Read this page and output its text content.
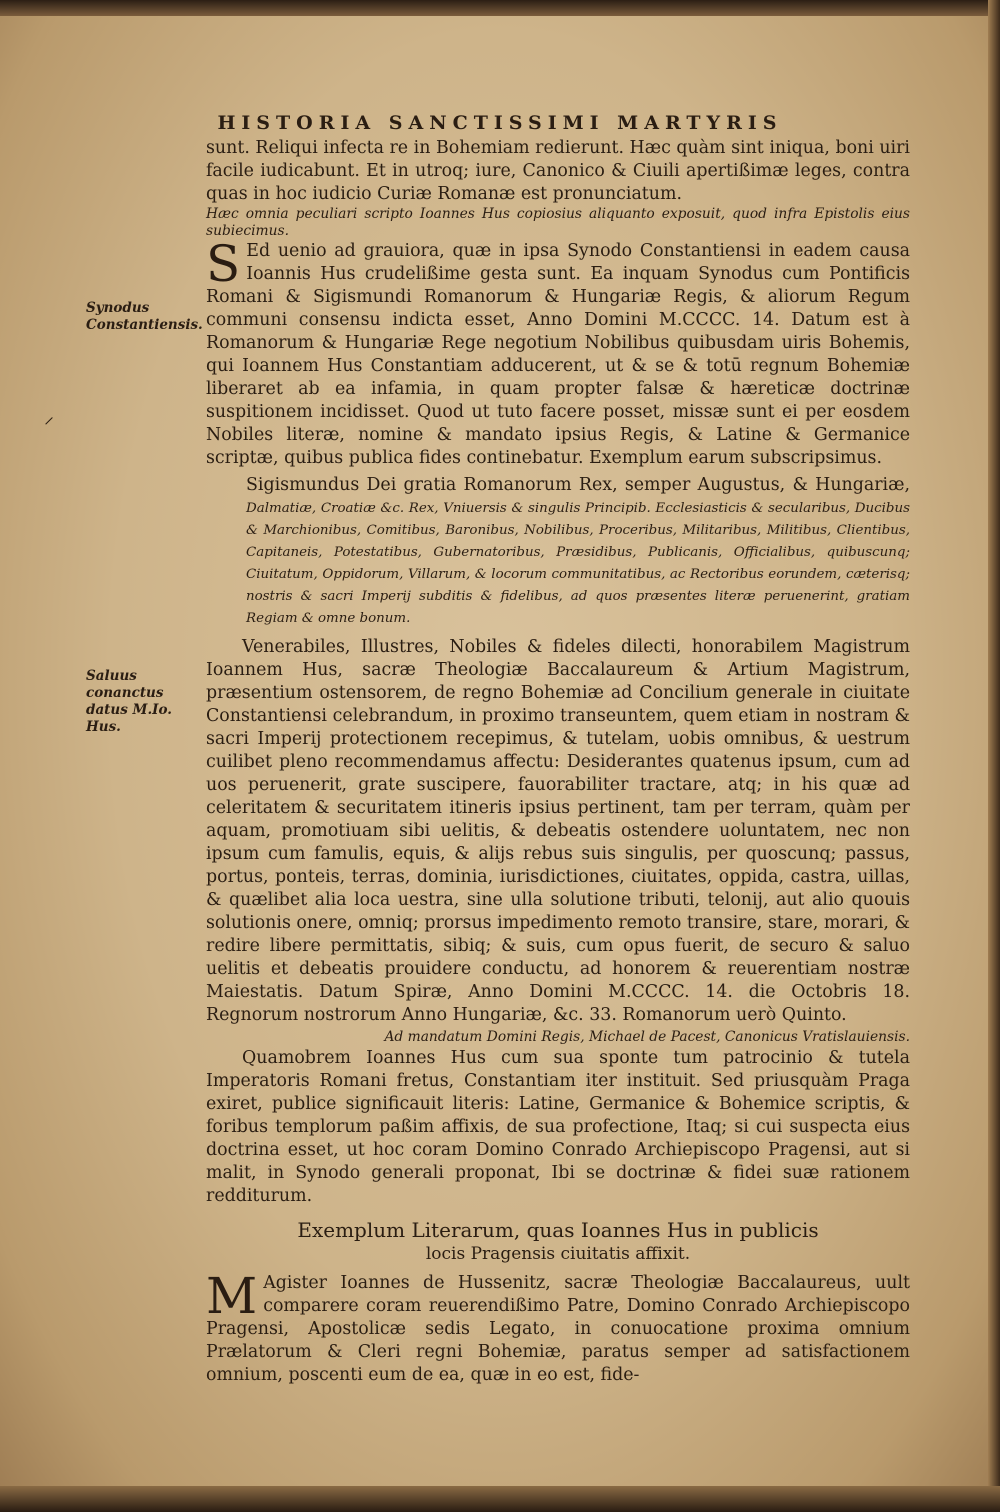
HISTORIA SANCTISSIMI MARTYRIS
Synodus Constantiensis.
Saluus conanctus datus M.Io. Hus.
⸝

sunt. Reliqui infecta re in Bohemiam redierunt. Hæc quàm sint iniqua, boni uiri facile iudicabunt. Et in utroq; iure, Canonico & Ciuili apertißimæ leges, contra quas in hoc iudicio Curiæ Romanæ est pronunciatum.

Hæc omnia peculiari scripto Ioannes Hus copiosius aliquanto exposuit, quod infra Epistolis eius subiecimus.

S Ed uenio ad grauiora, quæ in ipsa Synodo Constantiensi in eadem causa Ioannis Hus crudelißime gesta sunt. Ea inquam Synodus cum Pontificis Romani & Sigismundi Romanorum & Hungariæ Regis, & aliorum Regum communi consensu indicta esset, Anno Domini M.CCCC. 14. Datum est à Romanorum & Hungariæ Rege negotium Nobilibus quibusdam uiris Bohemis, qui Ioannem Hus Constantiam adducerent, ut & se & totū regnum Bohemiæ liberaret ab ea infamia, in quam propter falsæ & hæreticæ doctrinæ suspitionem incidisset. Quod ut tuto facere posset, missæ sunt ei per eosdem Nobiles literæ, nomine & mandato ipsius Regis, & Latine & Germanice scriptæ, quibus publica fides continebatur. Exemplum earum subscripsimus.

Sigismundus Dei gratia Romanorum Rex, semper Augustus, & Hungariæ, Dalmatiæ, Croatiæ &c. Rex, Vniuersis & singulis Principib. Ecclesiasticis & secularibus, Ducibus & Marchionibus, Comitibus, Baronibus, Nobilibus, Proceribus, Militaribus, Militibus, Clientibus, Capitaneis, Potestatibus, Gubernatoribus, Præsidibus, Publicanis, Officialibus, quibuscunq; Ciuitatum, Oppidorum, Villarum, & locorum communitatibus, ac Rectoribus eorundem, cæterisq; nostris & sacri Imperij subditis & fidelibus, ad quos præsentes literæ peruenerint, gratiam Regiam & omne bonum.

Venerabiles, Illustres, Nobiles & fideles dilecti, honorabilem Magistrum Ioannem Hus, sacræ Theologiæ Baccalaureum & Artium Magistrum, præsentium ostensorem, de regno Bohemiæ ad Concilium generale in ciuitate Constantiensi celebrandum, in proximo transeuntem, quem etiam in nostram & sacri Imperij protectionem recepimus, & tutelam, uobis omnibus, & uestrum cuilibet pleno recommendamus affectu: Desiderantes quatenus ipsum, cum ad uos peruenerit, grate suscipere, fauorabiliter tractare, atq; in his quæ ad celeritatem & securitatem itineris ipsius pertinent, tam per terram, quàm per aquam, promotiuam sibi uelitis, & debeatis ostendere uoluntatem, nec non ipsum cum famulis, equis, & alijs rebus suis singulis, per quoscunq; passus, portus, ponteis, terras, dominia, iurisdictiones, ciuitates, oppida, castra, uillas, & quælibet alia loca uestra, sine ulla solutione tributi, telonij, aut alio quouis solutionis onere, omniq; prorsus impedimento remoto transire, stare, morari, & redire libere permittatis, sibiq; & suis, cum opus fuerit, de securo & saluo uelitis et debeatis prouidere conductu, ad honorem & reuerentiam nostræ Maiestatis. Datum Spiræ, Anno Domini M.CCCC. 14. die Octobris 18. Regnorum nostrorum Anno Hungariæ, &c. 33. Romanorum uerò Quinto.

Ad mandatum Domini Regis, Michael de Pacest, Canonicus Vratislauiensis.

Quamobrem Ioannes Hus cum sua sponte tum patrocinio & tutela Imperatoris Romani fretus, Constantiam iter instituit. Sed priusquàm Praga exiret, publice significauit literis: Latine, Germanice & Bohemice scriptis, & foribus templorum paßim affixis, de sua profectione, Itaq; si cui suspecta eius doctrina esset, ut hoc coram Domino Conrado Archiepiscopo Pragensi, aut si malit, in Synodo generali proponat, Ibi se doctrinæ & fidei suæ rationem redditurum.

Exemplum Literarum, quas Ioannes Hus in publicis
locis Pragensis ciuitatis affixit.

M Agister Ioannes de Hussenitz, sacræ Theologiæ Baccalaureus, uult comparere coram reuerendißimo Patre, Domino Conrado Archiepiscopo Pragensi, Apostolicæ sedis Legato, in conuocatione proxima omnium Prælatorum & Cleri regni Bohemiæ, paratus semper ad satisfactionem omnium, poscenti eum de ea, quæ in eo est, fide-
